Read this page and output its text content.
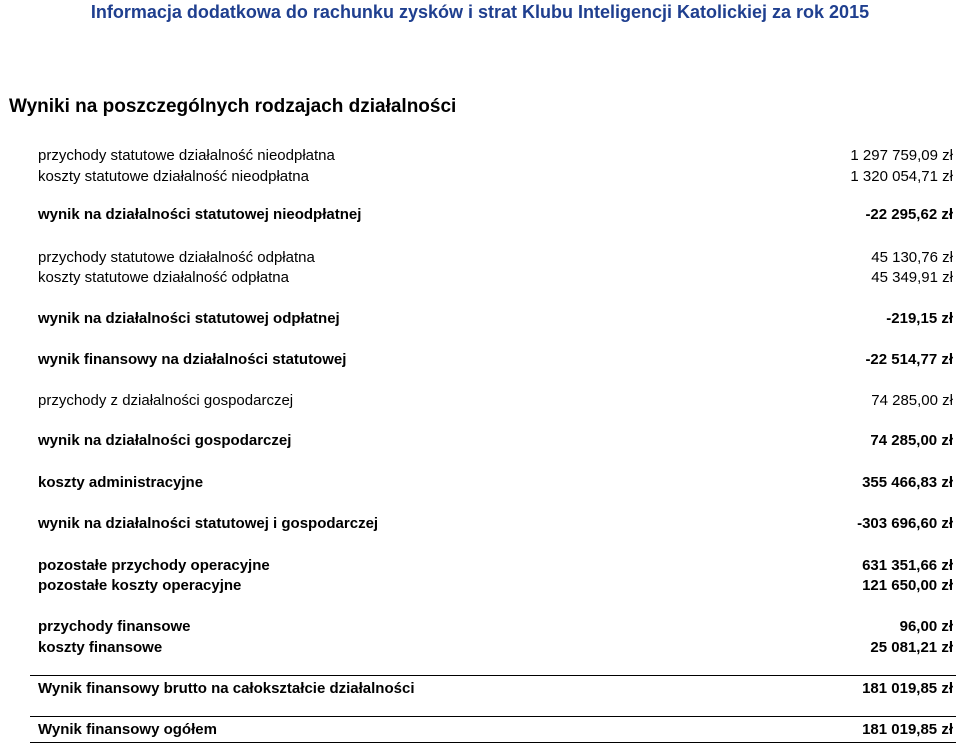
Informacja dodatkowa do rachunku zysków i strat Klubu Inteligencji Katolickiej za rok 2015
Wyniki na poszczególnych rodzajach działalności
przychody statutowe działalność nieodpłatna	1 297 759,09 zł
koszty statutowe działalność nieodpłatna	1 320 054,71 zł
wynik na działalności statutowej nieodpłatnej	-22 295,62 zł
przychody statutowe działalność odpłatna	45 130,76 zł
koszty statutowe działalność odpłatna	45 349,91 zł
wynik na działalności statutowej odpłatnej	-219,15 zł
wynik finansowy na działalności statutowej	-22 514,77 zł
przychody z działalności gospodarczej	74 285,00 zł
wynik na działalności gospodarczej	74 285,00 zł
koszty administracyjne	355 466,83 zł
wynik na działalności statutowej i gospodarczej	-303 696,60 zł
pozostałe przychody operacyjne	631 351,66 zł
pozostałe koszty operacyjne	121 650,00 zł
przychody finansowe	96,00 zł
koszty finansowe	25 081,21 zł
Wynik finansowy brutto na całokształcie działalności	181 019,85 zł
Wynik finansowy ogółem	181 019,85 zł
